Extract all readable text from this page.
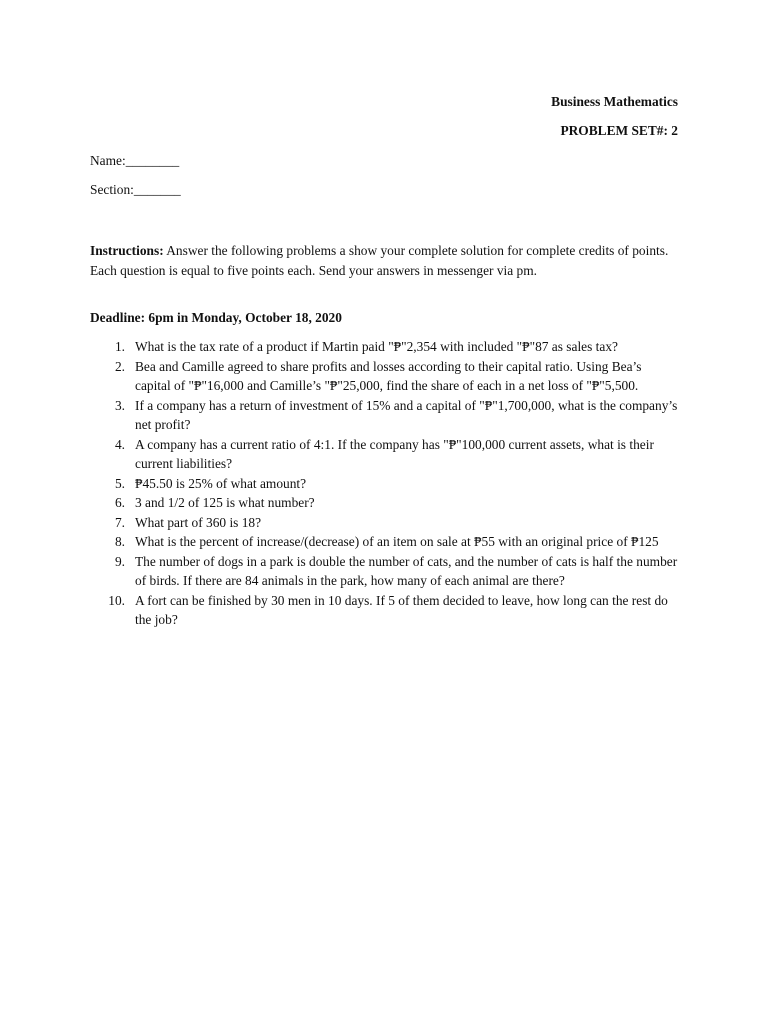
Business Mathematics
PROBLEM SET#: 2
Name:________
Section:_______
Instructions: Answer the following problems a show your complete solution for complete credits of points. Each question is equal to five points each. Send your answers in messenger via pm.
Deadline: 6pm in Monday, October 18, 2020
1. What is the tax rate of a product if Martin paid "₱"2,354 with included "₱"87 as sales tax?
2. Bea and Camille agreed to share profits and losses according to their capital ratio. Using Bea’s capital of "₱"16,000 and Camille’s "₱"25,000, find the share of each in a net loss of "₱"5,500.
3. If a company has a return of investment of 15% and a capital of "₱"1,700,000, what is the company’s net profit?
4. A company has a current ratio of 4:1. If the company has "₱"100,000 current assets, what is their current liabilities?
5. ₱45.50 is 25% of what amount?
6. 3 and 1/2 of 125 is what number?
7. What part of 360 is 18?
8. What is the percent of increase/(decrease) of an item on sale at ₱55 with an original price of ₱125
9. The number of dogs in a park is double the number of cats, and the number of cats is half the number of birds. If there are 84 animals in the park, how many of each animal are there?
10. A fort can be finished by 30 men in 10 days. If 5 of them decided to leave, how long can the rest do the job?
